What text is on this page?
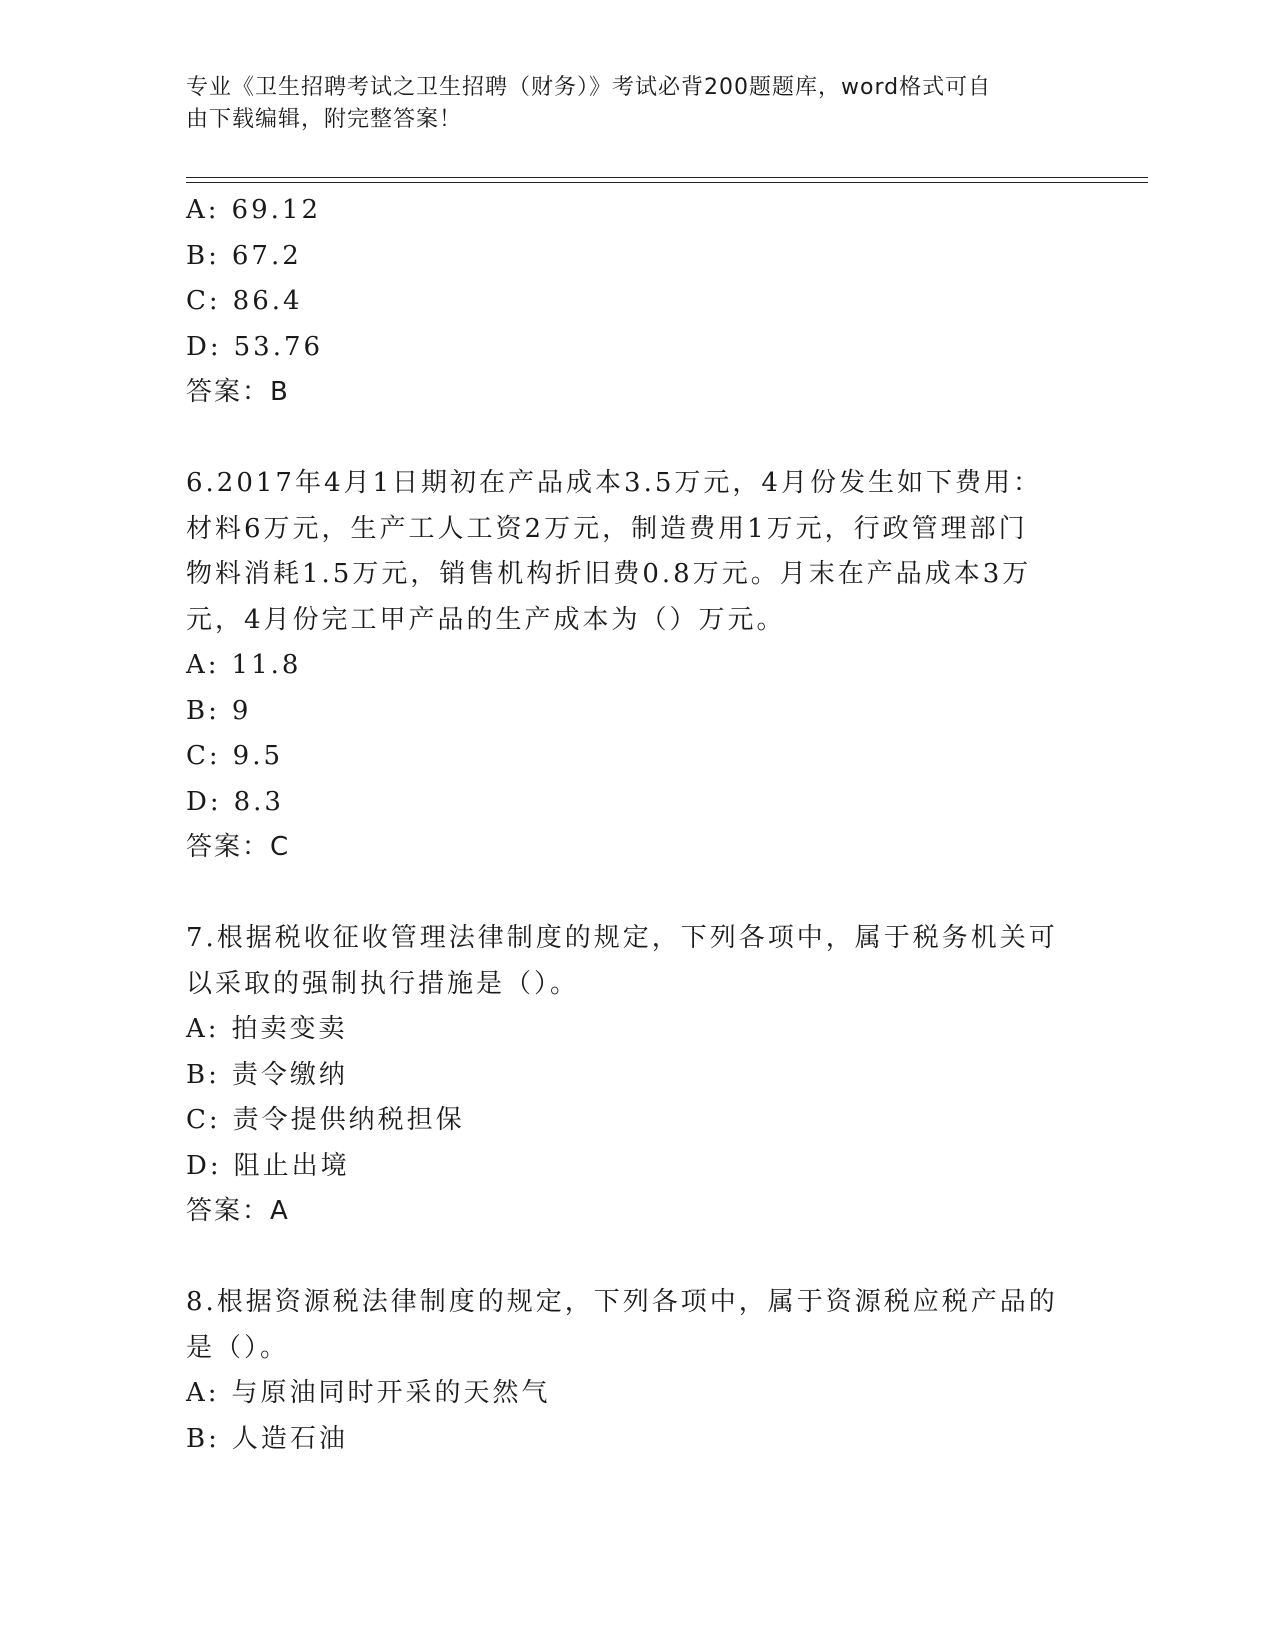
专业《卫生招聘考试之卫生招聘（财务）》考试必背200题题库，word格式可自
由下载编辑，附完整答案！
A: 69.12
B: 67.2
C: 86.4
D: 53.76
答案：B
6.2017年4月1日期初在产品成本3.5万元，4月份发生如下费用：
材料6万元，生产工人工资2万元，制造费用1万元，行政管理部门
物料消耗1.5万元，销售机构折旧费0.8万元。月末在产品成本3万
元，4月份完工甲产品的生产成本为（）万元。
A: 11.8
B: 9
C: 9.5
D: 8.3
答案：C
7.根据税收征收管理法律制度的规定，下列各项中，属于税务机关可
以采取的强制执行措施是（）。
A: 拍卖变卖
B: 责令缴纳
C: 责令提供纳税担保
D: 阻止出境
答案：A
8.根据资源税法律制度的规定，下列各项中，属于资源税应税产品的
是（）。
A: 与原油同时开采的天然气
B: 人造石油
